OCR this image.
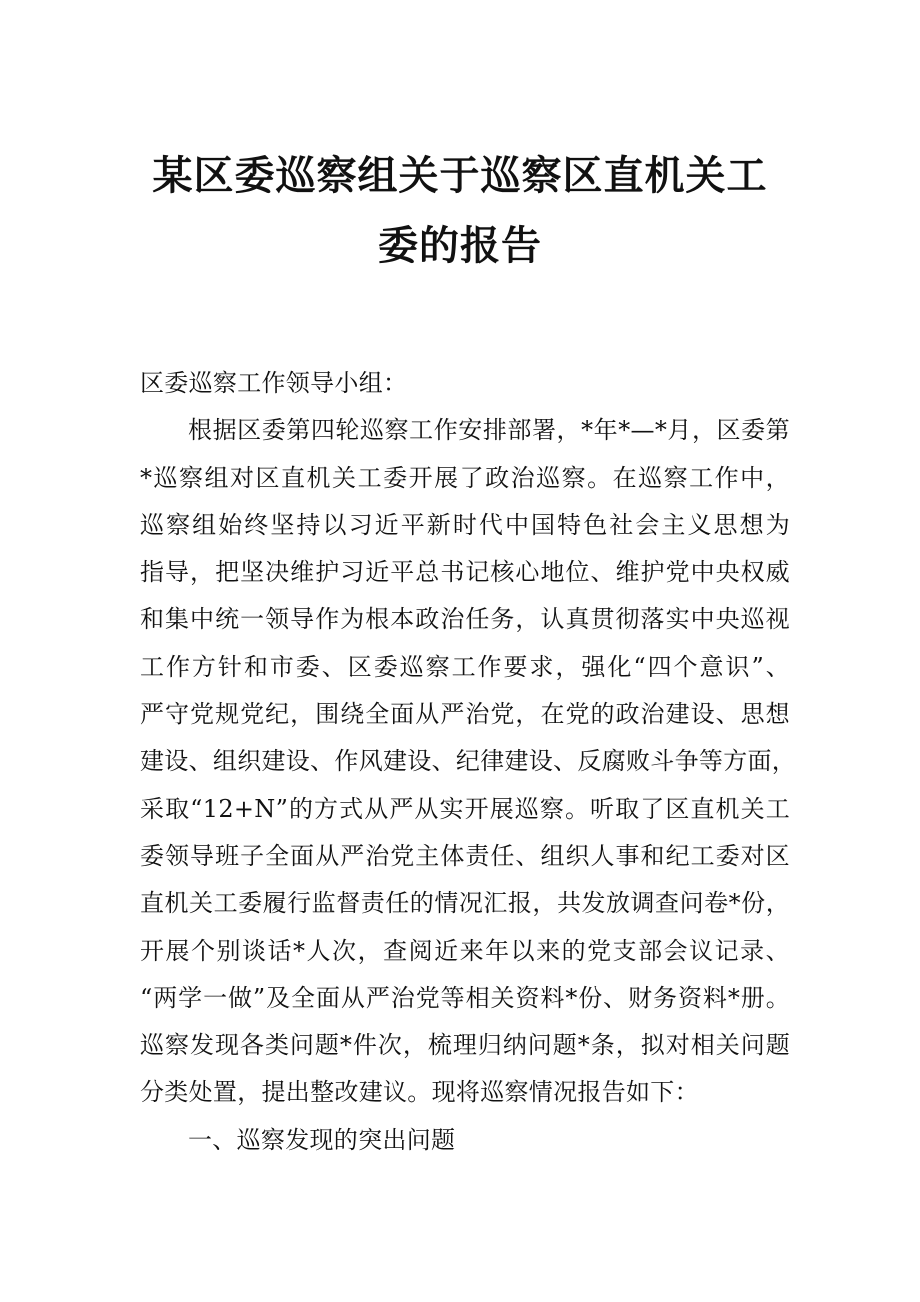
某区委巡察组关于巡察区直机关工
委的报告

区委巡察工作领导小组：

根据区委第四轮巡察工作安排部署，*年*—*月，区委第
*巡察组对区直机关工委开展了政治巡察。在巡察工作中，
巡察组始终坚持以习近平新时代中国特色社会主义思想为
指导，把坚决维护习近平总书记核心地位、维护党中央权威
和集中统一领导作为根本政治任务，认真贯彻落实中央巡视
工作方针和市委、区委巡察工作要求，强化“四个意识”、
严守党规党纪，围绕全面从严治党，在党的政治建设、思想
建设、组织建设、作风建设、纪律建设、反腐败斗争等方面，
采取“12+N”的方式从严从实开展巡察。听取了区直机关工
委领导班子全面从严治党主体责任、组织人事和纪工委对区
直机关工委履行监督责任的情况汇报，共发放调查问卷*份，
开展个别谈话*人次，查阅近来年以来的党支部会议记录、
“两学一做”及全面从严治党等相关资料*份、财务资料*册。
巡察发现各类问题*件次，梳理归纳问题*条，拟对相关问题
分类处置，提出整改建议。现将巡察情况报告如下：

一、巡察发现的突出问题
